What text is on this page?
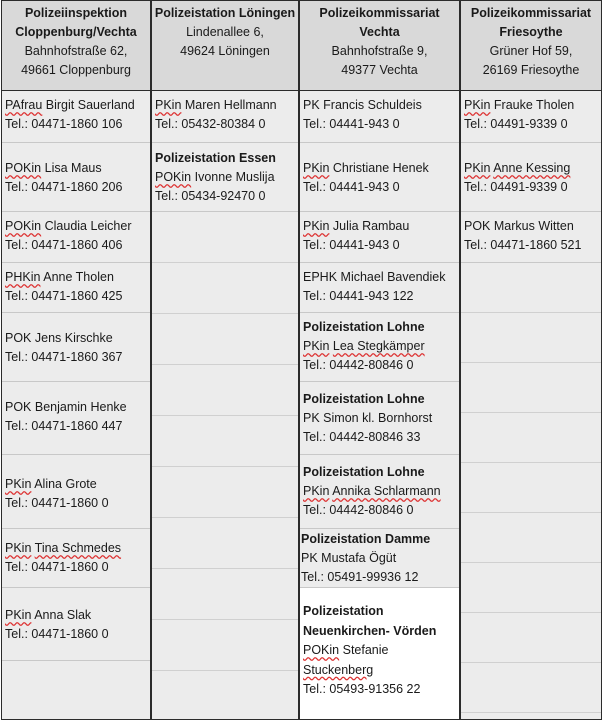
Polizeiinspektion
Cloppenburg/Vechta
Bahnhofstraße 62,
49661 Cloppenburg
PAfrau Birgit Sauerland
Tel.: 04471-1860 106
POKin Lisa Maus
Tel.: 04471-1860 206
POKin Claudia Leicher
Tel.: 04471-1860 406
PHKin Anne Tholen
Tel.: 04471-1860 425
POK Jens Kirschke
Tel.: 04471-1860 367
POK Benjamin Henke
Tel.: 04471-1860 447
PKin Alina Grote
Tel.: 04471-1860 0
PKin Tina Schmedes
Tel.: 04471-1860 0
PKin Anna Slak
Tel.: 04471-1860 0
Polizeistation Löningen
Lindenallee 6,
49624 Löningen
PKin Maren Hellmann
Tel.: 05432-80384 0
Polizeistation Essen
POKin Ivonne Muslija
Tel.: 05434-92470 0
Polizeikommissariat
Vechta
Bahnhofstraße 9,
49377 Vechta
PK Francis Schuldeis
Tel.: 04441-943 0
PKin Christiane Henek
Tel.: 04441-943 0
PKin Julia Rambau
Tel.: 04441-943 0
EPHK Michael Bavendiek
Tel.: 04441-943 122
Polizeistation Lohne
PKin Lea Stegkämper
Tel.: 04442-80846 0
Polizeistation Lohne
PK Simon kl. Bornhorst
Tel.: 04442-80846 33
Polizeistation Lohne
PKin Annika Schlarmann
Tel.: 04442-80846 0
Polizeistation Damme
PK Mustafa Ögüt
Tel.: 05491-99936 12
Polizeistation
Neuenkirchen- Vörden
POKin Stefanie
Stuckenberg
Tel.: 05493-91356 22
Polizeikommissariat
Friesoythe
Grüner Hof 59,
26169 Friesoythe
PKin Frauke Tholen
Tel.: 04491-9339 0
PKin Anne Kessing
Tel.: 04491-9339 0
POK Markus Witten
Tel.: 04471-1860 521
